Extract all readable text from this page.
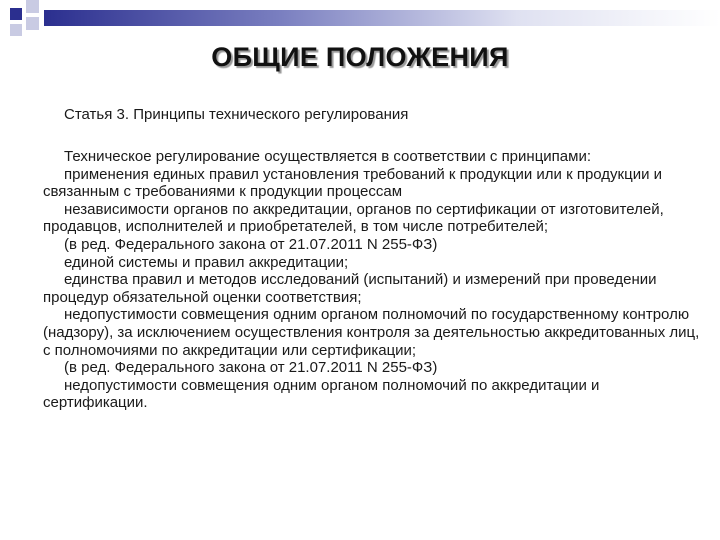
ОБЩИЕ ПОЛОЖЕНИЯ

Статья 3. Принципы технического регулирования

Техническое регулирование осуществляется в соответствии с принципами:

применения единых правил установления требований к продукции или к продукции и связанным с требованиями к продукции процессам

независимости органов по аккредитации, органов по сертификации от изготовителей, продавцов, исполнителей и приобретателей, в том числе потребителей;

(в ред. Федерального закона от 21.07.2011 N 255-ФЗ)

единой системы и правил аккредитации;

единства правил и методов исследований (испытаний) и измерений при проведении процедур обязательной оценки соответствия;

недопустимости совмещения одним органом полномочий по государственному контролю (надзору), за исключением осуществления контроля за деятельностью аккредитованных лиц, с полномочиями по аккредитации или сертификации;

(в ред. Федерального закона от 21.07.2011 N 255-ФЗ)

недопустимости совмещения одним органом полномочий по аккредитации и сертификации.
